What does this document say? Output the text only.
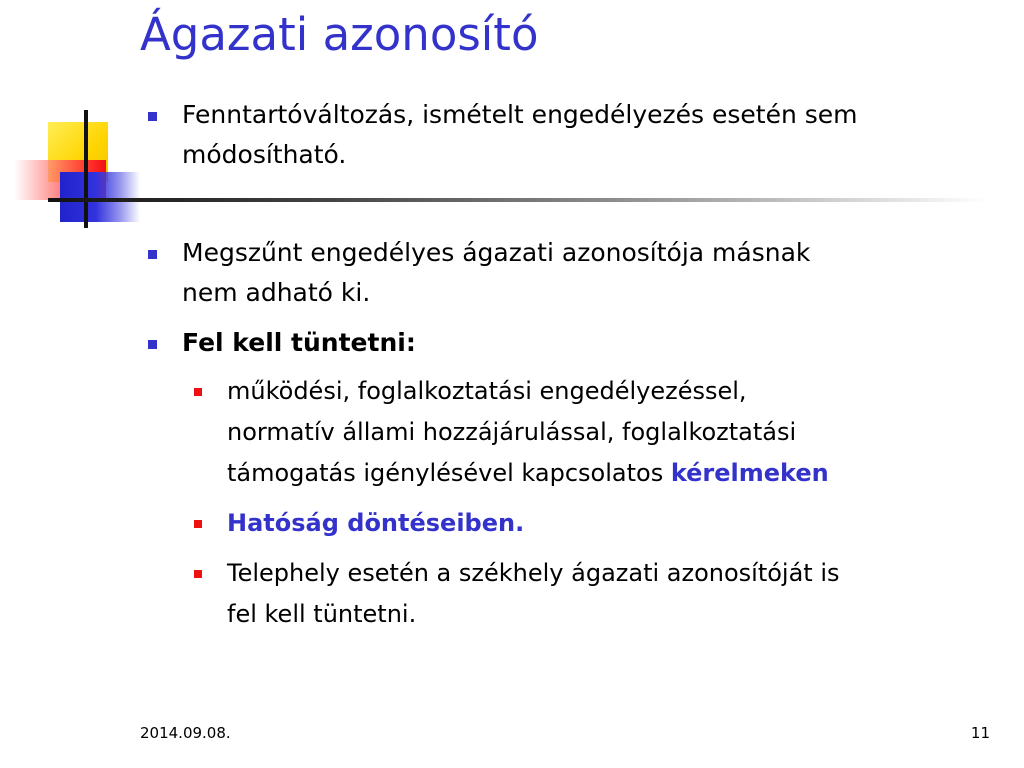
Ágazati azonosító
Fenntartóváltozás, ismételt engedélyezés esetén sem
módosítható.
Megszűnt engedélyes ágazati azonosítója másnak
nem adható ki.
Fel kell tüntetni:
működési, foglalkoztatási engedélyezéssel,
normatív állami hozzájárulással, foglalkoztatási
támogatás igénylésével kapcsolatos kérelmeken
Hatóság döntéseiben.
Telephely esetén a székhely ágazati azonosítóját is
fel kell tüntetni.
2014.09.08.	11
